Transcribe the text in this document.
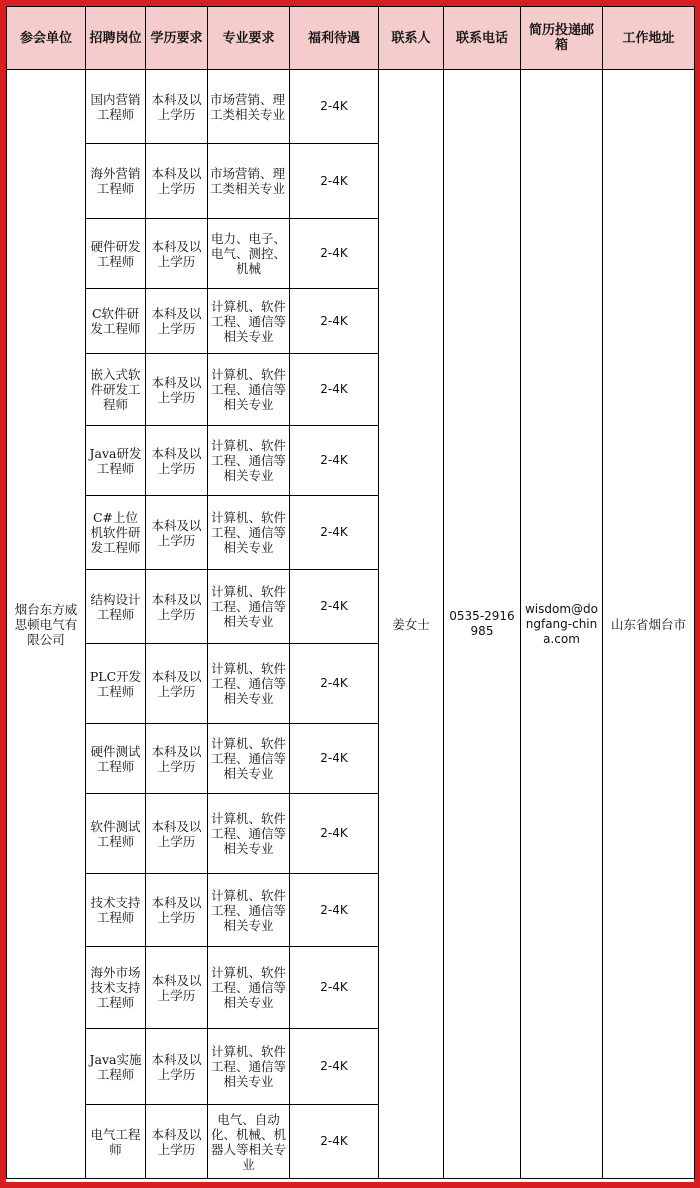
参会单位	招聘岗位	学历要求	专业要求	福利待遇	联系人	联系电话	简历投递邮箱	工作地址
烟台东方威思顿电气有限公司	国内营销工程师	本科及以上学历	市场营销、理工类相关专业	2-4K	姜女士	0535-2916985	wisdom@dongfang-china.com	山东省烟台市
	海外营销工程师	本科及以上学历	市场营销、理工类相关专业	2-4K				
	硬件研发工程师	本科及以上学历	电力、电子、电气、测控、机械	2-4K				
	C软件研发工程师	本科及以上学历	计算机、软件工程、通信等相关专业	2-4K				
	嵌入式软件研发工程师	本科及以上学历	计算机、软件工程、通信等相关专业	2-4K				
	Java研发工程师	本科及以上学历	计算机、软件工程、通信等相关专业	2-4K				
	C#上位机软件研发工程师	本科及以上学历	计算机、软件工程、通信等相关专业	2-4K				
	结构设计工程师	本科及以上学历	计算机、软件工程、通信等相关专业	2-4K				
	PLC开发工程师	本科及以上学历	计算机、软件工程、通信等相关专业	2-4K				
	硬件测试工程师	本科及以上学历	计算机、软件工程、通信等相关专业	2-4K				
	软件测试工程师	本科及以上学历	计算机、软件工程、通信等相关专业	2-4K				
	技术支持工程师	本科及以上学历	计算机、软件工程、通信等相关专业	2-4K				
	海外市场技术支持工程师	本科及以上学历	计算机、软件工程、通信等相关专业	2-4K				
	Java实施工程师	本科及以上学历	计算机、软件工程、通信等相关专业	2-4K				
	电气工程师	本科及以上学历	电气、自动化、机械、机器人等相关专业	2-4K				
